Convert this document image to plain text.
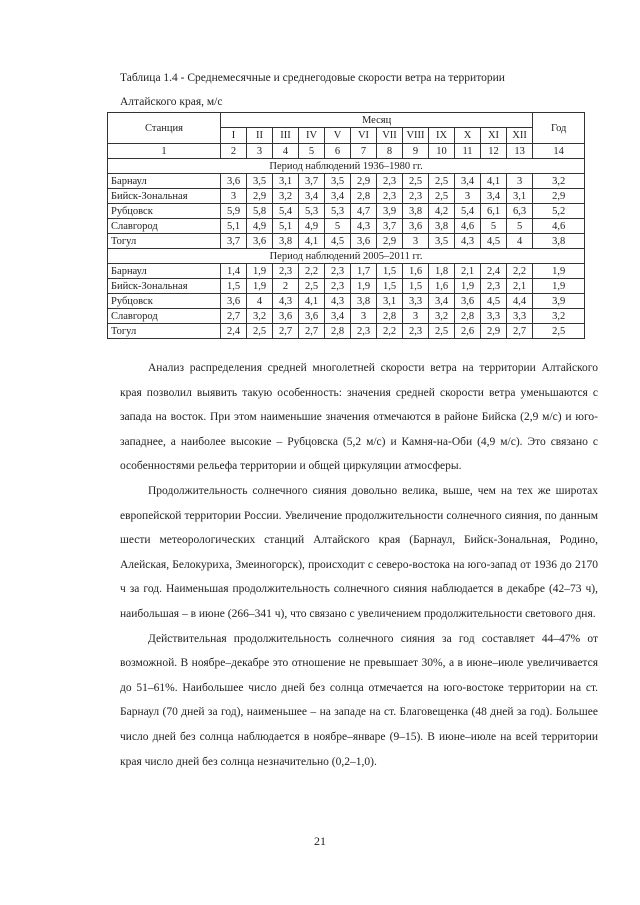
Таблица 1.4 - Среднемесячные и среднегодовые скорости ветра на территории
Алтайского края, м/с
Станция	Месяц												Год
	I	II	III	IV	V	VI	VII	VIII	IX	X	XI	XII	
1	2	3	4	5	6	7	8	9	10	11	12	13	14
Период наблюдений 1936–1980 гг.													
Барнаул	3,6	3,5	3,1	3,7	3,5	2,9	2,3	2,5	2,5	3,4	4,1	3	3,2
Бийск-Зональная	3	2,9	3,2	3,4	3,4	2,8	2,3	2,3	2,5	3	3,4	3,1	2,9
Рубцовск	5,9	5,8	5,4	5,3	5,3	4,7	3,9	3,8	4,2	5,4	6,1	6,3	5,2
Славгород	5,1	4,9	5,1	4,9	5	4,3	3,7	3,6	3,8	4,6	5	5	4,6
Тогул	3,7	3,6	3,8	4,1	4,5	3,6	2,9	3	3,5	4,3	4,5	4	3,8
Период наблюдений 2005–2011 гг.													
Барнаул	1,4	1,9	2,3	2,2	2,3	1,7	1,5	1,6	1,8	2,1	2,4	2,2	1,9
Бийск-Зональная	1,5	1,9	2	2,5	2,3	1,9	1,5	1,5	1,6	1,9	2,3	2,1	1,9
Рубцовск	3,6	4	4,3	4,1	4,3	3,8	3,1	3,3	3,4	3,6	4,5	4,4	3,9
Славгород	2,7	3,2	3,6	3,6	3,4	3	2,8	3	3,2	2,8	3,3	3,3	3,2
Тогул	2,4	2,5	2,7	2,7	2,8	2,3	2,2	2,3	2,5	2,6	2,9	2,7	2,5

Анализ распределения средней многолетней скорости ветра на территории Алтайского края позволил выявить такую особенность: значения средней скорости ветра уменьшаются с запада на восток. При этом наименьшие значения отмечаются в районе Бийска (2,9 м/с) и юго-западнее, а наиболее высокие – Рубцовска (5,2 м/с) и Камня-на-Оби (4,9 м/с). Это связано с особенностями рельефа территории и общей циркуляции атмосферы.

Продолжительность солнечного сияния довольно велика, выше, чем на тех же широтах европейской территории России. Увеличение продолжительности солнечного сияния, по данным шести метеорологических станций Алтайского края (Барнаул, Бийск-Зональная, Родино, Алейская, Белокуриха, Змеиногорск), происходит с северо-востока на юго-запад от 1936 до 2170 ч за год. Наименьшая продолжительность солнечного сияния наблюдается в декабре (42–73 ч), наибольшая – в июне (266–341 ч), что связано с увеличением продолжительности светового дня.

Действительная продолжительность солнечного сияния за год составляет 44–47% от возможной. В ноябре–декабре это отношение не превышает 30%, а в июне–июле увеличивается до 51–61%. Наибольшее число дней без солнца отмечается на юго-востоке территории на ст. Барнаул (70 дней за год), наименьшее – на западе на ст. Благовещенка (48 дней за год). Большее число дней без солнца наблюдается в ноябре–январе (9–15). В июне–июле на всей территории края число дней без солнца незначительно (0,2–1,0).

21
